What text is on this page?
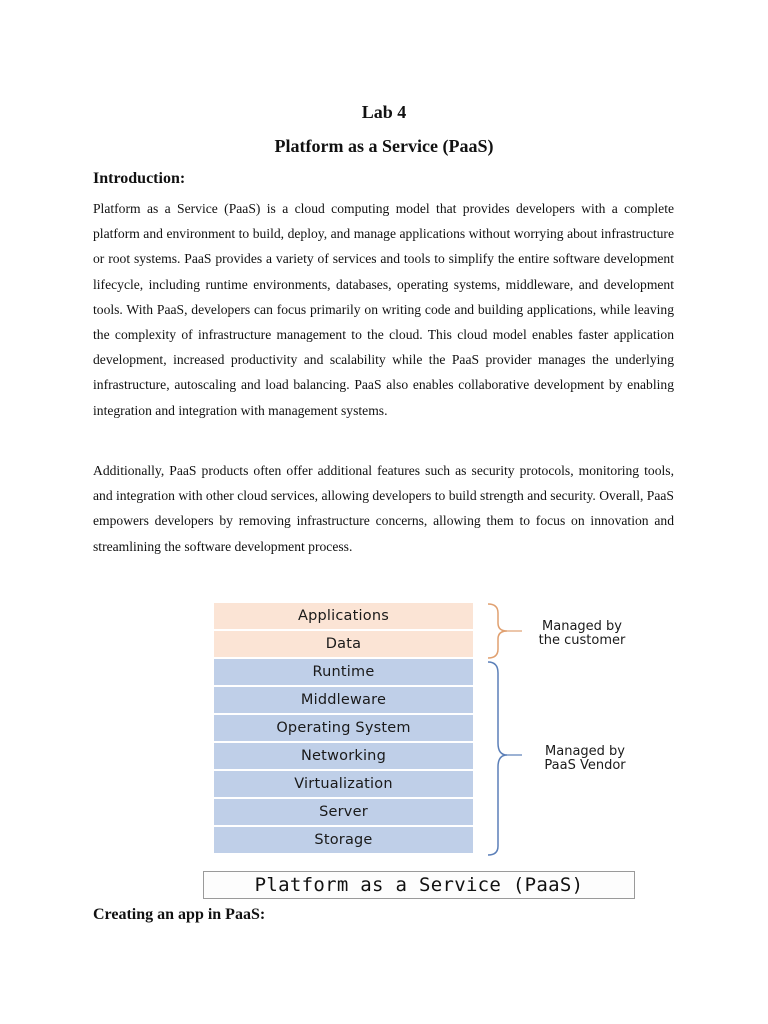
Lab 4
Platform as a Service (PaaS)
Introduction:

Platform as a Service (PaaS) is a cloud computing model that provides developers with a complete platform and environment to build, deploy, and manage applications without worrying about infrastructure or root systems. PaaS provides a variety of services and tools to simplify the entire software development lifecycle, including runtime environments, databases, operating systems, middleware, and development tools. With PaaS, developers can focus primarily on writing code and building applications, while leaving the complexity of infrastructure management to the cloud. This cloud model enables faster application development, increased productivity and scalability while the PaaS provider manages the underlying infrastructure, autoscaling and load balancing. PaaS also enables collaborative development by enabling integration and integration with management systems.

Additionally, PaaS products often offer additional features such as security protocols, monitoring tools, and integration with other cloud services, allowing developers to build strength and security. Overall, PaaS empowers developers by removing infrastructure concerns, allowing them to focus on innovation and streamlining the software development process.

Applications
Data
Runtime
Middleware
Operating System
Networking
Virtualization
Server
Storage
Managed by
the customer
Managed by
PaaS Vendor
Platform as a Service (PaaS)
Creating an app in PaaS:
